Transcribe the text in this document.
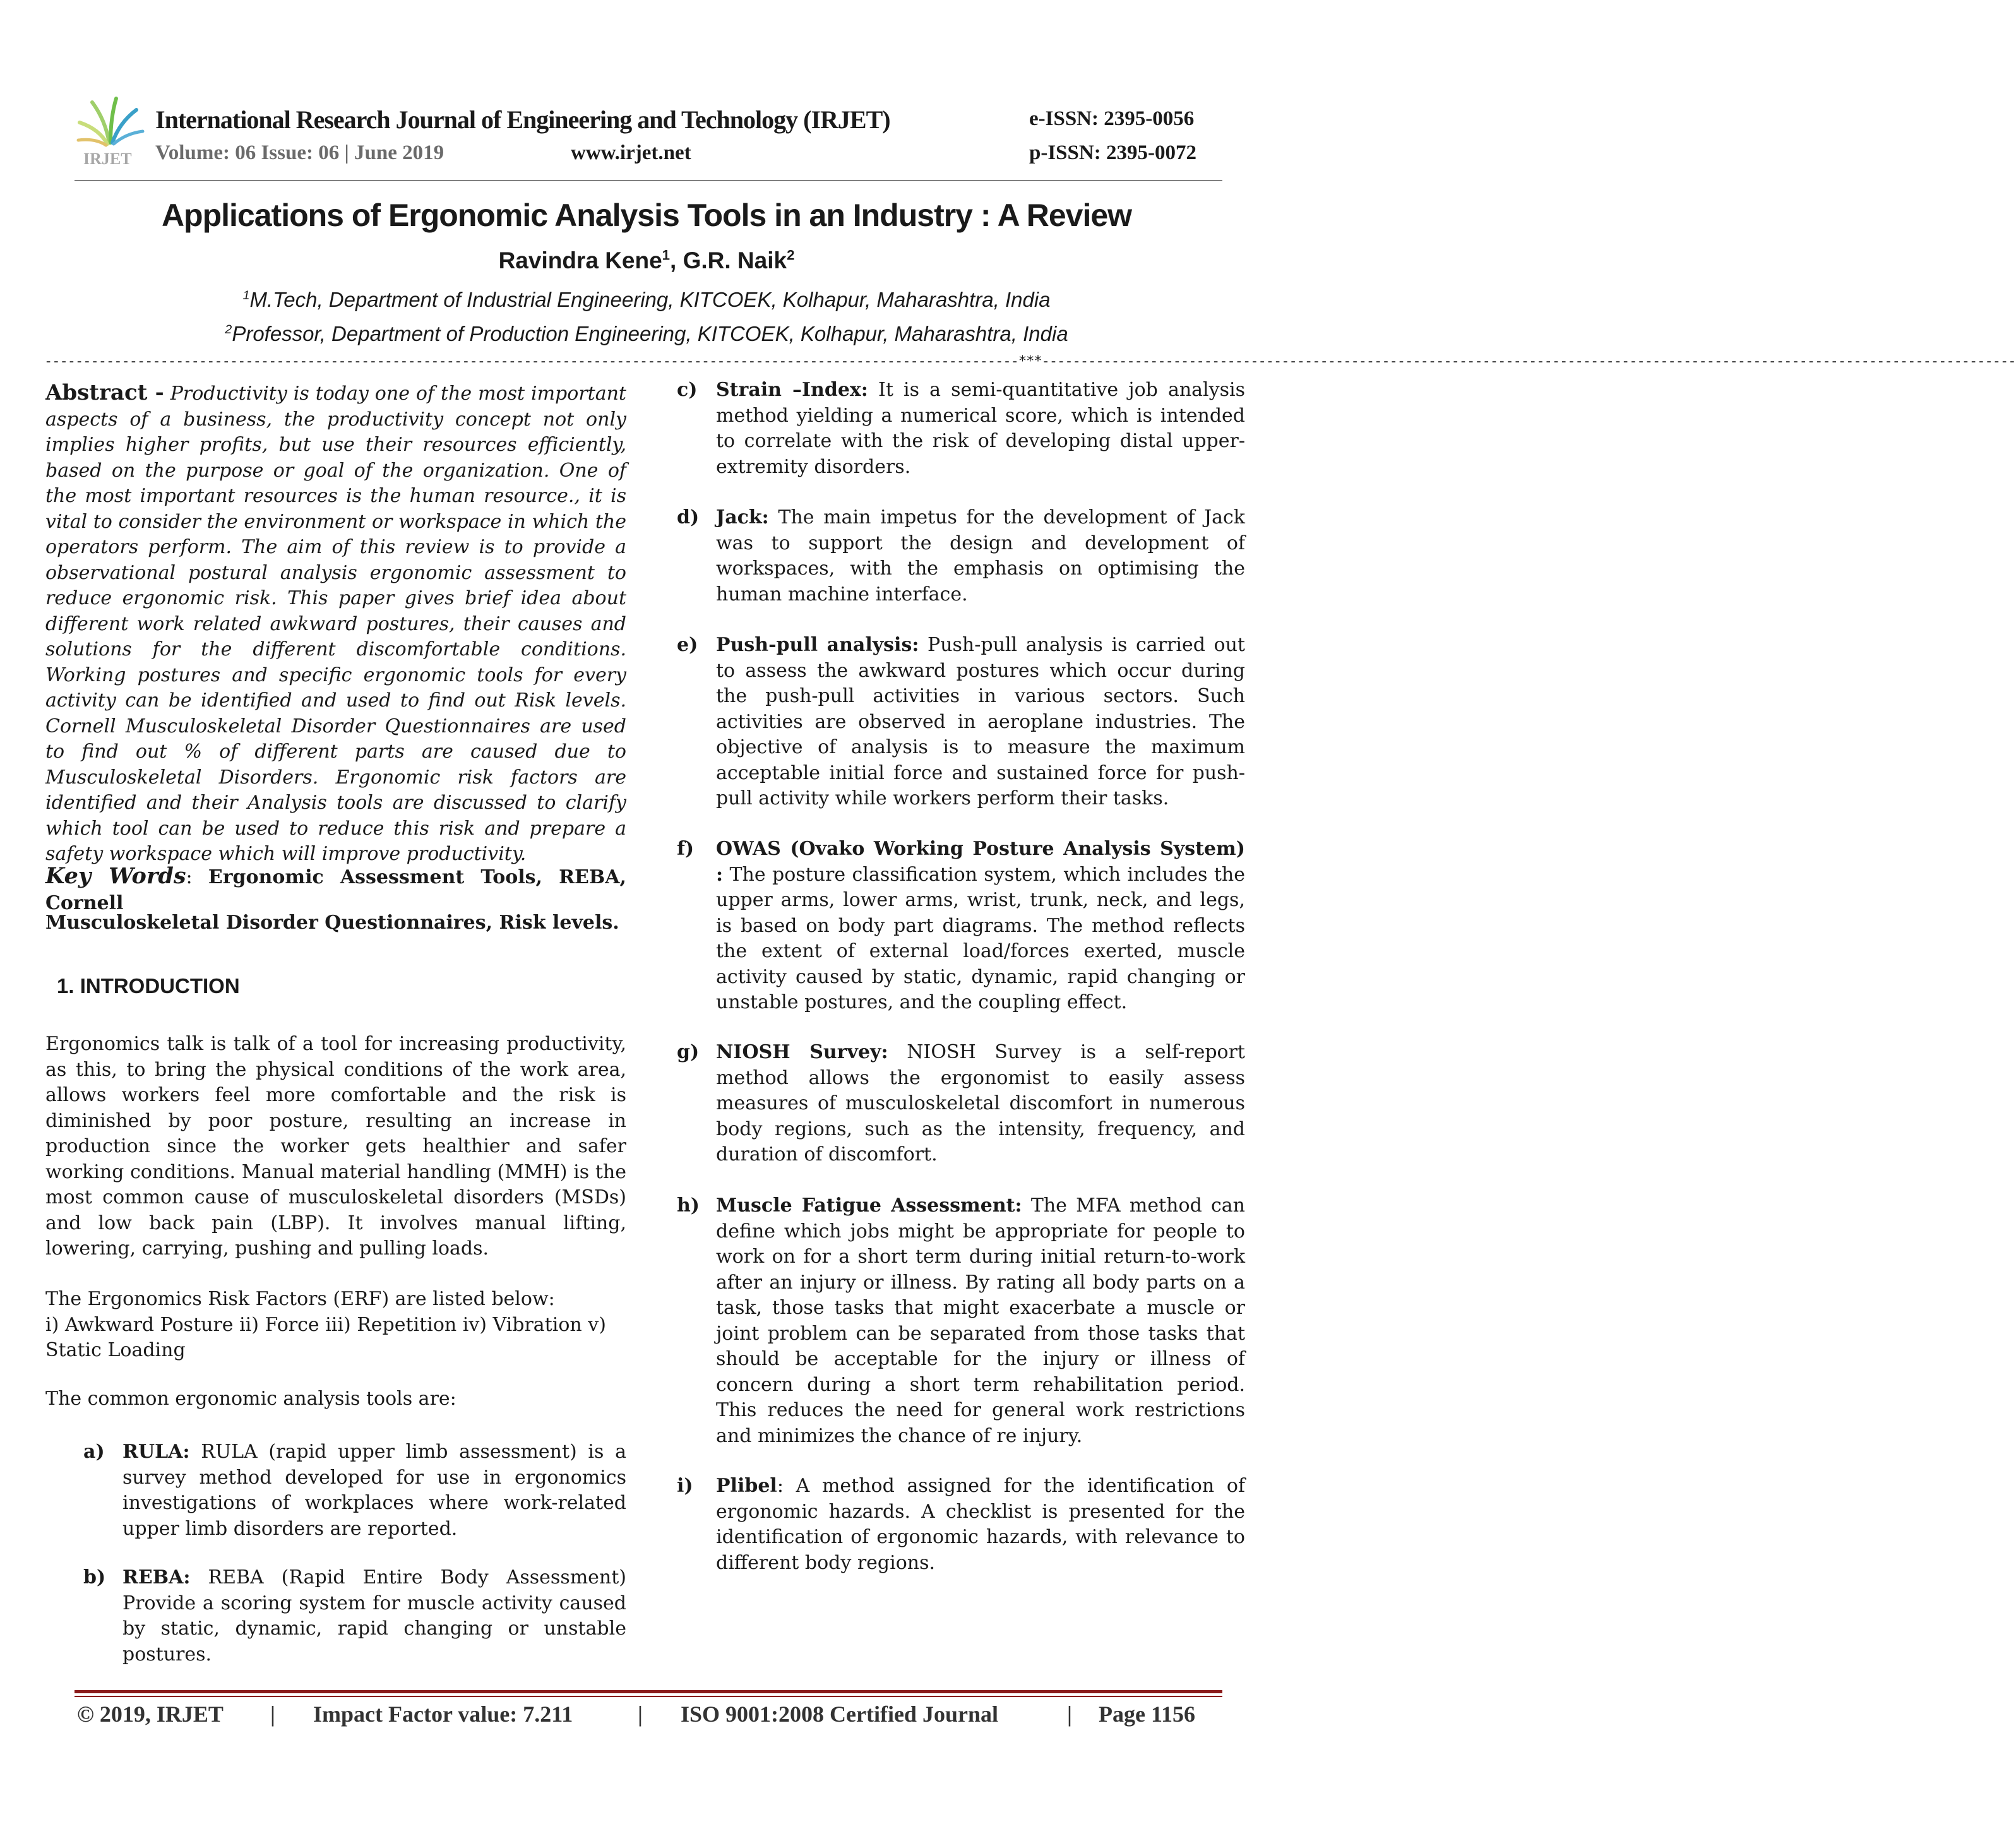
IRJET
International Research Journal of Engineering and Technology (IRJET)
Volume: 06 Issue: 06 | June 2019	www.irjet.net
e-ISSN: 2395-0056
p-ISSN: 2395-0072
Applications of Ergonomic Analysis Tools in an Industry : A Review
Ravindra Kene$^1$, G.R. Naik$^2$
$^1$M.Tech, Department of Industrial Engineering, KITCOEK, Kolhapur, Maharashtra, India
$^2$Professor, Department of Production Engineering, KITCOEK, Kolhapur, Maharashtra, India
------------------------------------------------------------------------------------------------------------------------------***------------------------------------------------------------------------------------------------------------------------------
Abstract - Productivity is today one of the most important aspects of a business, the productivity concept not only implies higher profits, but use their resources efficiently, based on the purpose or goal of the organization. One of the most important resources is the human resource., it is vital to consider the environment or workspace in which the operators perform. The aim of this review is to provide a observational postural analysis ergonomic assessment to reduce ergonomic risk. This paper gives brief idea about different work related awkward postures, their causes and solutions for the different discomfortable conditions. Working postures and specific ergonomic tools for every activity can be identified and used to find out Risk levels. Cornell Musculoskeletal Disorder Questionnaires are used to find out % of different parts are caused due to Musculoskeletal Disorders. Ergonomic risk factors are identified and their Analysis tools are discussed to clarify which tool can be used to reduce this risk and prepare a safety workspace which will improve productivity.
Key Words: Ergonomic Assessment Tools, REBA, Cornell
Musculoskeletal Disorder Questionnaires, Risk levels.
1. INTRODUCTION
Ergonomics talk is talk of a tool for increasing productivity, as this, to bring the physical conditions of the work area, allows workers feel more comfortable and the risk is diminished by poor posture, resulting an increase in production since the worker gets healthier and safer working conditions. Manual material handling (MMH) is the most common cause of musculoskeletal disorders (MSDs) and low back pain (LBP). It involves manual lifting, lowering, carrying, pushing and pulling loads.
The Ergonomics Risk Factors (ERF) are listed below:
i) Awkward Posture ii) Force iii) Repetition iv) Vibration v) Static Loading
The common ergonomic analysis tools are:
a) RULA: RULA (rapid upper limb assessment) is a survey method developed for use in ergonomics investigations of workplaces where work-related upper limb disorders are reported.
b) REBA: REBA (Rapid Entire Body Assessment) Provide a scoring system for muscle activity caused by static, dynamic, rapid changing or unstable postures.
c) Strain –Index: It is a semi-quantitative job analysis method yielding a numerical score, which is intended to correlate with the risk of developing distal upper-extremity disorders.
d) Jack: The main impetus for the development of Jack was to support the design and development of workspaces, with the emphasis on optimising the human machine interface.
e) Push-pull analysis: Push-pull analysis is carried out to assess the awkward postures which occur during the push-pull activities in various sectors. Such activities are observed in aeroplane industries. The objective of analysis is to measure the maximum acceptable initial force and sustained force for push-pull activity while workers perform their tasks.
f)	OWAS (Ovako Working Posture Analysis System) : The posture classification system, which includes the upper arms, lower arms, wrist, trunk, neck, and legs, is based on body part diagrams. The method reflects the extent of external load/forces exerted, muscle activity caused by static, dynamic, rapid changing or unstable postures, and the coupling effect.
g) NIOSH Survey: NIOSH Survey is a self-report method allows the ergonomist to easily assess measures of musculoskeletal discomfort in numerous body regions, such as the intensity, frequency, and duration of discomfort.
h) Muscle Fatigue Assessment: The MFA method can define which jobs might be appropriate for people to work on for a short term during initial return-to-work after an injury or illness. By rating all body parts on a task, those tasks that might exacerbate a muscle or joint problem can be separated from those tasks that should be acceptable for the injury or illness of concern during a short term rehabilitation period. This reduces the need for general work restrictions and minimizes the chance of re injury.
i)	Plibel: A method assigned for the identification of ergonomic hazards. A checklist is presented for the identification of ergonomic hazards, with relevance to different body regions.
© 2019, IRJET | Impact Factor value: 7.211	| ISO 9001:2008 Certified Journal	| Page 1156
